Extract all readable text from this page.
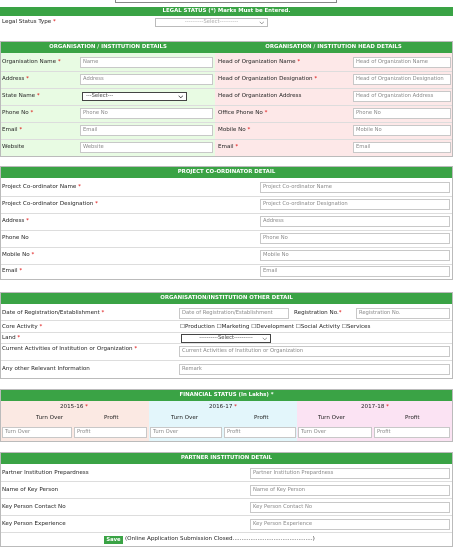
LEGAL STATUS (*) Marks Must be Entered.
Legal Status Type *	----------Select----------	⌵
ORGANISATION / INSTITUTION DETAILS	ORGANISATION / INSTITUTION HEAD DETAILS
Organisation Name *	Name
Address *	Address
State Name *	---Select---	⌵
Phone No *	Phone No
Email *	Email
Website	Website
Head of Organization Name *	Head of Organization Name
Head of Organization Designation *	Head of Organization Designation
Head of Organization Address	Head of Organization Address
Office Phone No *	Phone No
Mobile No *	Mobile No
Email *	Email
PROJECT CO-ORDINATOR DETAIL
Project Co-ordinator Name *	Project Co-ordinator Name
Project Co-ordinator Designation *	Project Co-ordinator Designation
Address *	Address
Phone No	Phone No
Mobile No *	Mobile No
Email *	Email
ORGANISATION/INSTITUTION OTHER DETAIL
Date of Registration/Establishment *	Date of Registration/Establishment	Registration No.*	Registration No.
Core Activity *	☐Production ☐Marketing ☐Development ☐Social Activity ☐Services
Land *	----------Select---------- ⌵
Current Activities of Institution or Organization *	Current Activities of Institution or Organization
Any other Relevant Information	Remark
FINANCIAL STATUS (In Lakhs) *
2015-16 *
Turn Over	Profit
Turn Over	Profit
2016-17 *
Turn Over	Profit
Turn Over	Profit
2017-18 *
Turn Over	Profit
Turn Over	Profit
PARTNER INSTITUTION DETAIL
Partner Institution Prepardness	Partner Institution Prepardness
Name of Key Person	Name of Key Person
Key Person Contact No	Key Person Contact No
Key Person Experience	Key Person Experience
Save (Online Application Submission Closed.............................................)
